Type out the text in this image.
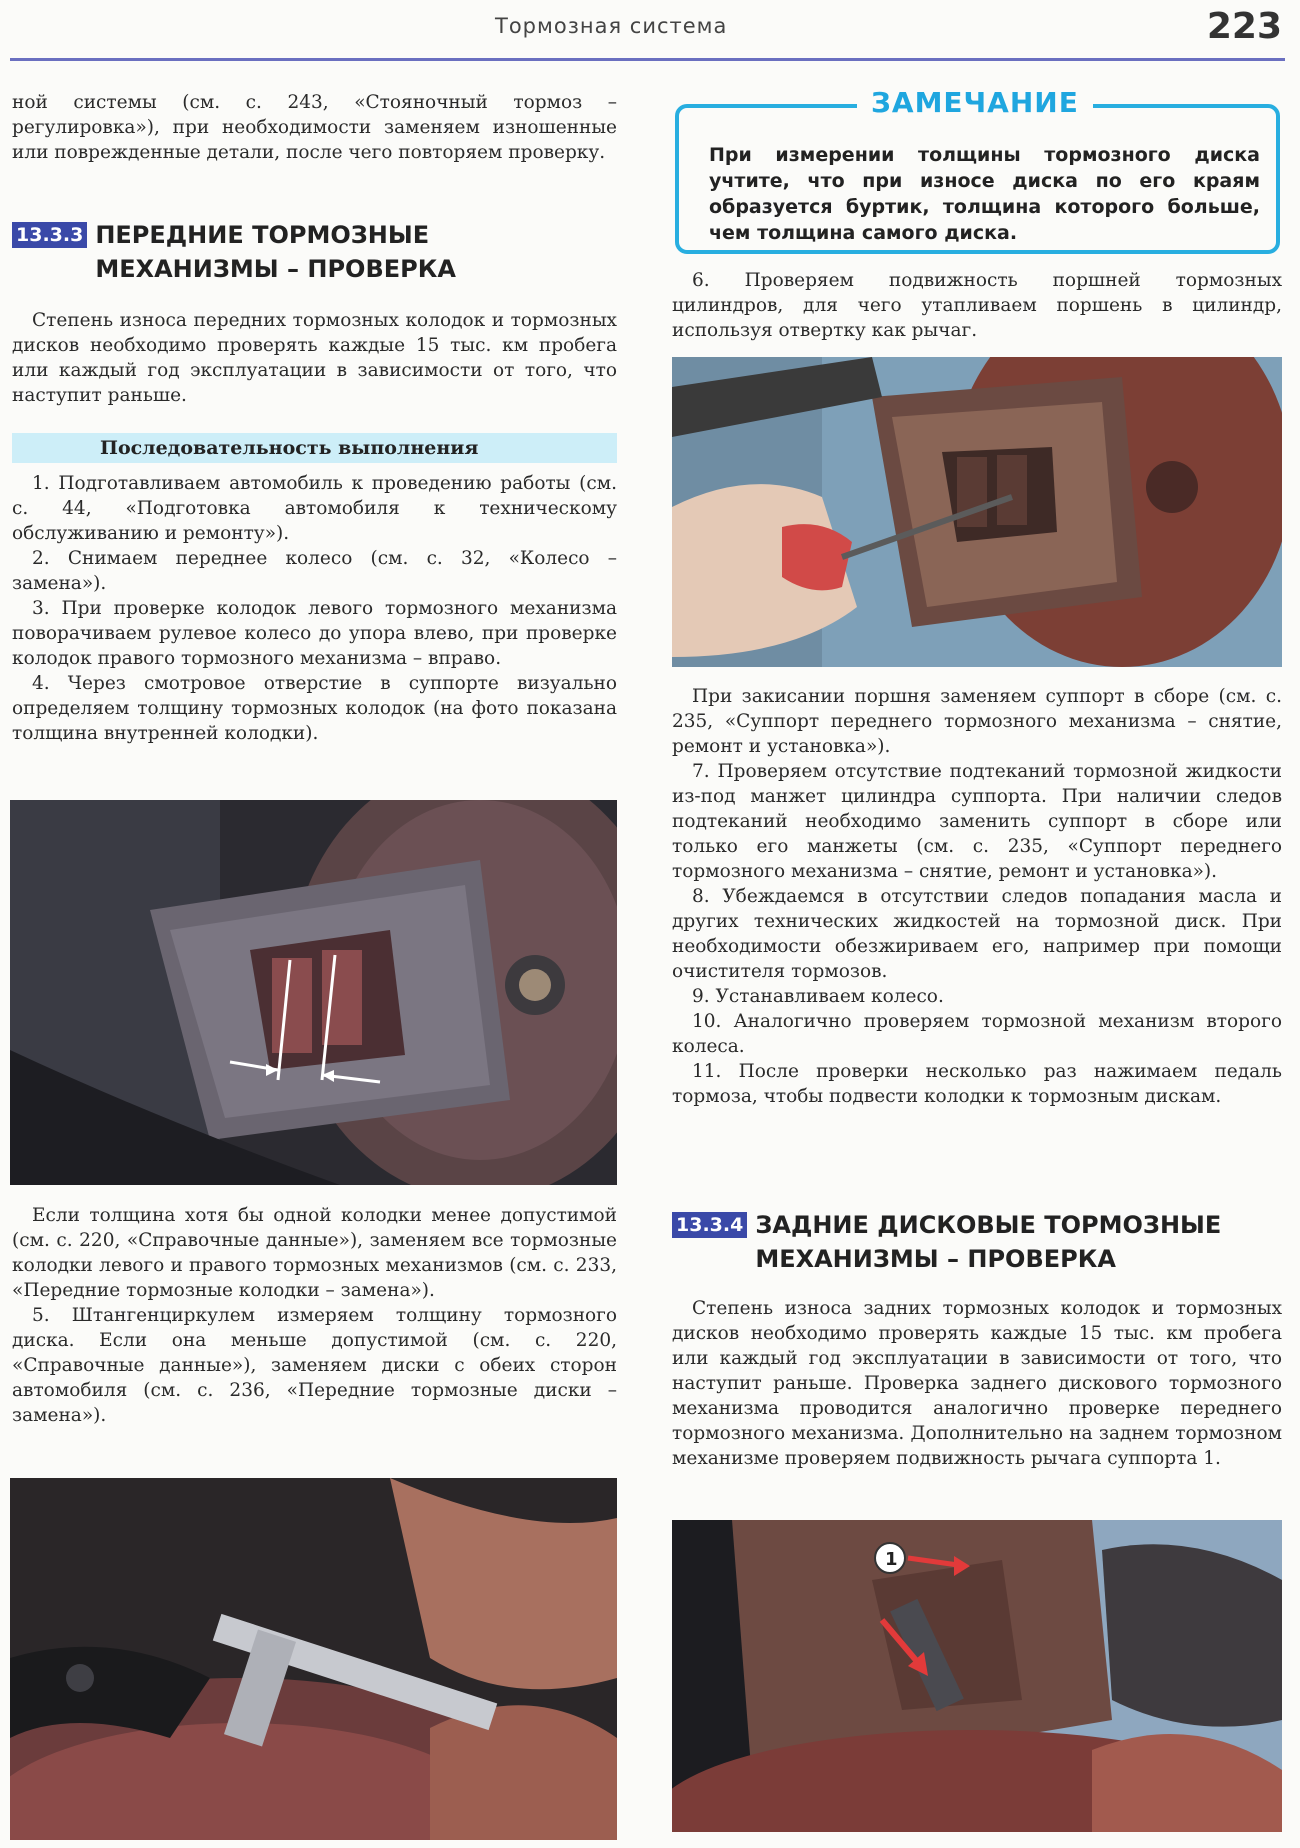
Тормозная система	223

ной системы (см. с. 243, «Стояночный тормоз – регулировка»), при необходимости заменяем изношенные или поврежденные детали, после чего повторяем проверку.

13.3.3 ПЕРЕДНИЕ ТОРМОЗНЫЕ МЕХАНИЗМЫ – ПРОВЕРКА

Степень износа передних тормозных колодок и тормозных дисков необходимо проверять каждые 15 тыс. км пробега или каждый год эксплуатации в зависимости от того, что наступит раньше.

Последовательность выполнения

1. Подготавливаем автомобиль к проведению работы (см. с. 44, «Подготовка автомобиля к техническому обслуживанию и ремонту»).

2. Снимаем переднее колесо (см. с. 32, «Колесо – замена»).

3. При проверке колодок левого тормозного механизма поворачиваем рулевое колесо до упора влево, при проверке колодок правого тормозного механизма – вправо.

4. Через смотровое отверстие в суппорте визуально определяем толщину тормозных колодок (на фото показана толщина внутренней колодки).

Если толщина хотя бы одной колодки менее допустимой (см. с. 220, «Справочные данные»), заменяем все тормозные колодки левого и правого тормозных механизмов (см. с. 233, «Передние тормозные колодки – замена»).

5. Штангенциркулем измеряем толщину тормозного диска. Если она меньше допустимой (см. с. 220, «Справочные данные»), заменяем диски с обеих сторон автомобиля (см. с. 236, «Передние тормозные диски – замена»).

ЗАМЕЧАНИЕ
При измерении толщины тормозного диска учтите, что при износе диска по его краям образуется буртик, толщина которого больше, чем толщина самого диска.

6. Проверяем подвижность поршней тормозных цилиндров, для чего утапливаем поршень в цилиндр, используя отвертку как рычаг.

При закисании поршня заменяем суппорт в сборе (см. с. 235, «Суппорт переднего тормозного механизма – снятие, ремонт и установка»).

7. Проверяем отсутствие подтеканий тормозной жидкости из-под манжет цилиндра суппорта. При наличии следов подтеканий необходимо заменить суппорт в сборе или только его манжеты (см. с. 235, «Суппорт переднего тормозного механизма – снятие, ремонт и установка»).

8. Убеждаемся в отсутствии следов попадания масла и других технических жидкостей на тормозной диск. При необходимости обезжириваем его, например при помощи очистителя тормозов.

9. Устанавливаем колесо.

10. Аналогично проверяем тормозной механизм второго колеса.

11. После проверки несколько раз нажимаем педаль тормоза, чтобы подвести колодки к тормозным дискам.

13.3.4 ЗАДНИЕ ДИСКОВЫЕ ТОРМОЗНЫЕ МЕХАНИЗМЫ – ПРОВЕРКА

Степень износа задних тормозных колодок и тормозных дисков необходимо проверять каждые 15 тыс. км пробега или каждый год эксплуатации в зависимости от того, что наступит раньше. Проверка заднего дискового тормозного механизма проводится аналогично проверке переднего тормозного механизма. Дополнительно на заднем тормозном механизме проверяем подвижность рычага суппорта 1.

1
